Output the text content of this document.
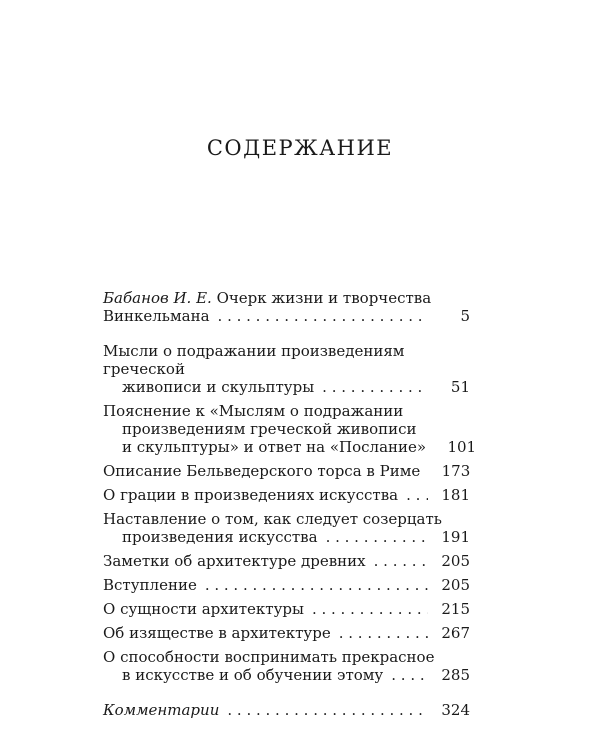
СОДЕРЖАНИЕ
Бабанов И. Е. Очерк жизни и творчества
Винкельмана . . .	5
Мысли о подражании произведениям греческой
живописи и скульптуры . . .	51
Пояснение к «Мыслям о подражании
произведениям греческой живописи
и скульптуры» и ответ на «Послание»	101
Описание Бельведерского торса в Риме	173
О грации в произведениях искусства . . .	181
Наставление о том, как следует созерцать
произведения искусства . . .	191
Заметки об архитектуре древних . . .	205
Вступление . . .	205
О сущности архитектуры . . .	215
Об изяществе в архитектуре . . .	267
О способности воспринимать прекрасное
в искусстве и об обучении этому . . .	285
Комментарии . . .	324
